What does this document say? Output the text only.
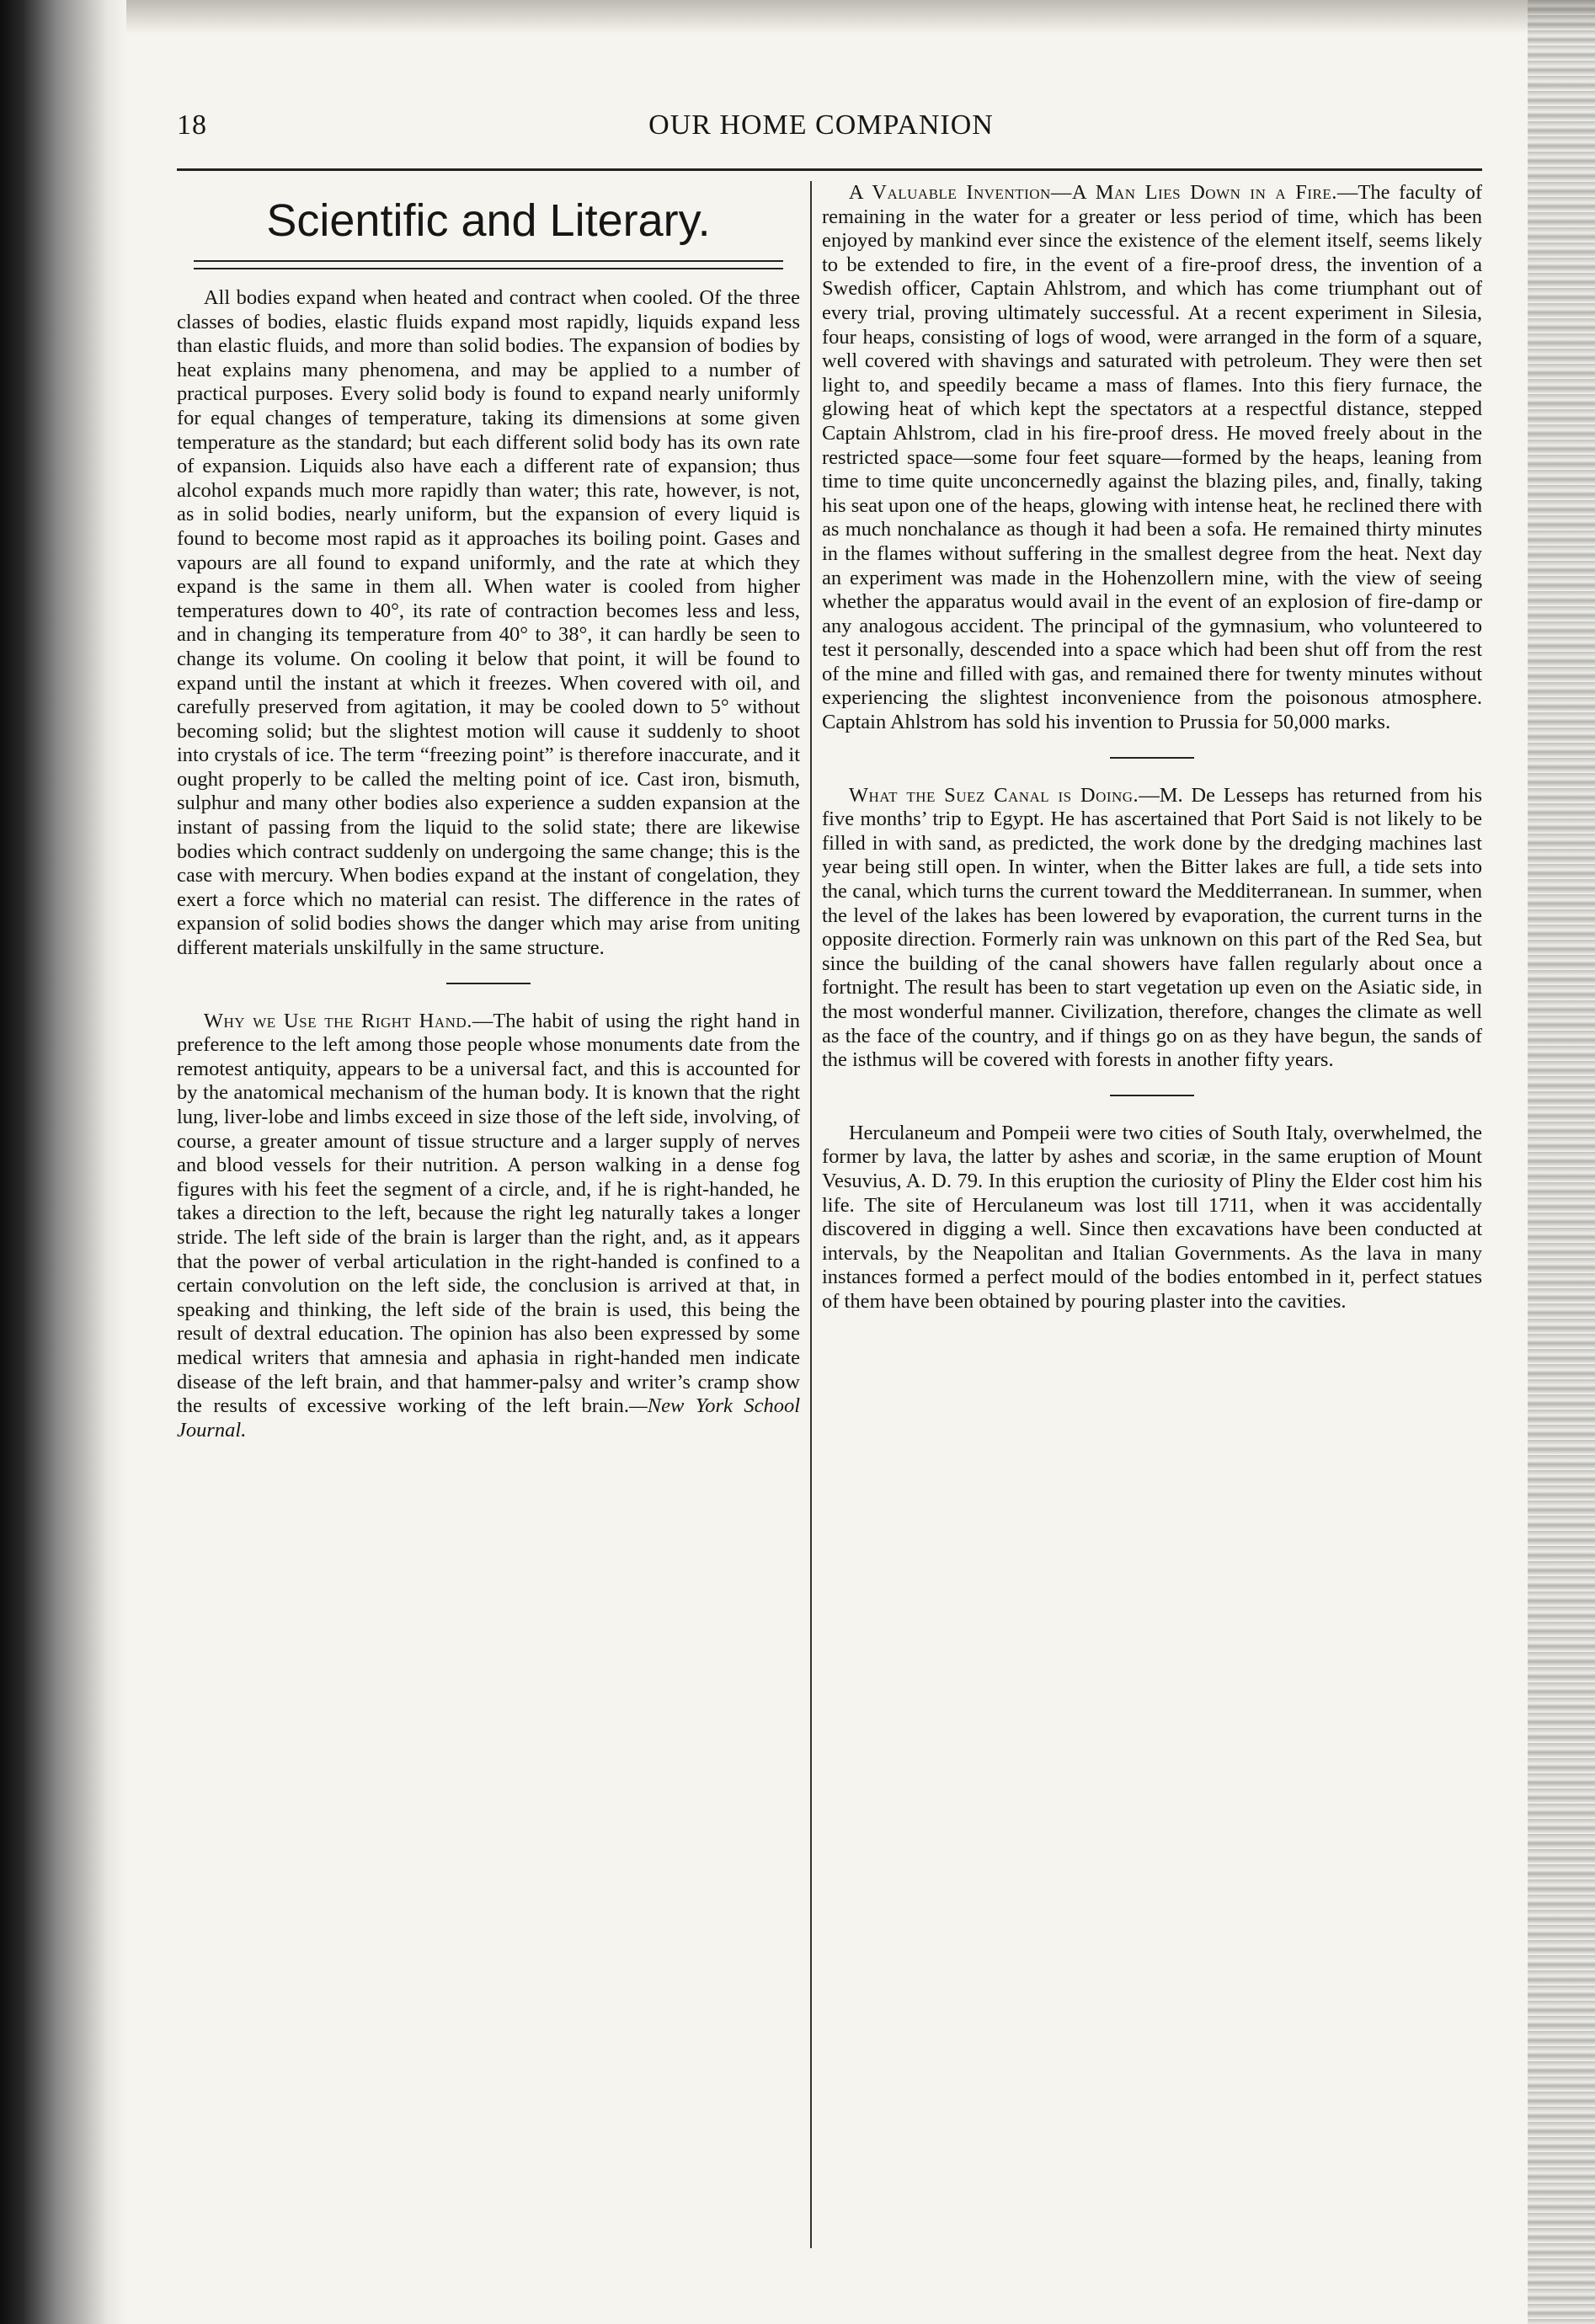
18	OUR HOME COMPANION
Scientific and Literary.

All bodies expand when heated and contract when cooled. Of the three classes of bodies, elastic fluids expand most rapidly, liquids expand less than elastic fluids, and more than solid bodies. The expansion of bodies by heat explains many phenomena, and may be applied to a number of practical purposes. Every solid body is found to expand nearly uniformly for equal changes of temperature, taking its dimensions at some given temperature as the standard; but each different solid body has its own rate of expansion. Liquids also have each a different rate of expansion; thus alcohol expands much more rapidly than water; this rate, however, is not, as in solid bodies, nearly uniform, but the expansion of every liquid is found to become most rapid as it approaches its boiling point. Gases and vapours are all found to expand uniformly, and the rate at which they expand is the same in them all. When water is cooled from higher temperatures down to 40°, its rate of contraction becomes less and less, and in changing its temperature from 40° to 38°, it can hardly be seen to change its volume. On cooling it below that point, it will be found to expand until the instant at which it freezes. When covered with oil, and carefully preserved from agitation, it may be cooled down to 5° without becoming solid; but the slightest motion will cause it suddenly to shoot into crystals of ice. The term “freezing point” is therefore inaccurate, and it ought properly to be called the melting point of ice. Cast iron, bismuth, sulphur and many other bodies also experience a sudden expansion at the instant of passing from the liquid to the solid state; there are likewise bodies which contract suddenly on undergoing the same change; this is the case with mercury. When bodies expand at the instant of congelation, they exert a force which no material can resist. The difference in the rates of expansion of solid bodies shows the danger which may arise from uniting different materials unskilfully in the same structure.

Why we Use the Right Hand.—The habit of using the right hand in preference to the left among those people whose monuments date from the remotest antiquity, appears to be a universal fact, and this is accounted for by the anatomical mechanism of the human body. It is known that the right lung, liver-lobe and limbs exceed in size those of the left side, involving, of course, a greater amount of tissue structure and a larger supply of nerves and blood vessels for their nutrition. A person walking in a dense fog figures with his feet the segment of a circle, and, if he is right-handed, he takes a direction to the left, because the right leg naturally takes a longer stride. The left side of the brain is larger than the right, and, as it appears that the power of verbal articulation in the right-handed is confined to a certain convolution on the left side, the conclusion is arrived at that, in speaking and thinking, the left side of the brain is used, this being the result of dextral education. The opinion has also been expressed by some medical writers that amnesia and aphasia in right-handed men indicate disease of the left brain, and that hammer-palsy and writer’s cramp show the results of excessive working of the left brain.—New York School Journal.

A Valuable Invention—A Man Lies Down in a Fire.—The faculty of remaining in the water for a greater or less period of time, which has been enjoyed by mankind ever since the existence of the element itself, seems likely to be extended to fire, in the event of a fire-proof dress, the invention of a Swedish officer, Captain Ahlstrom, and which has come triumphant out of every trial, proving ultimately successful. At a recent experiment in Silesia, four heaps, consisting of logs of wood, were arranged in the form of a square, well covered with shavings and saturated with petroleum. They were then set light to, and speedily became a mass of flames. Into this fiery furnace, the glowing heat of which kept the spectators at a respectful distance, stepped Captain Ahlstrom, clad in his fire-proof dress. He moved freely about in the restricted space—some four feet square—formed by the heaps, leaning from time to time quite unconcernedly against the blazing piles, and, finally, taking his seat upon one of the heaps, glowing with intense heat, he reclined there with as much nonchalance as though it had been a sofa. He remained thirty minutes in the flames without suffering in the smallest degree from the heat. Next day an experiment was made in the Hohenzollern mine, with the view of seeing whether the apparatus would avail in the event of an explosion of fire-damp or any analogous accident. The principal of the gymnasium, who volunteered to test it personally, descended into a space which had been shut off from the rest of the mine and filled with gas, and remained there for twenty minutes without experiencing the slightest inconvenience from the poisonous atmosphere. Captain Ahlstrom has sold his invention to Prussia for 50,000 marks.

What the Suez Canal is Doing.—M. De Lesseps has returned from his five months’ trip to Egypt. He has ascertained that Port Said is not likely to be filled in with sand, as predicted, the work done by the dredging machines last year being still open. In winter, when the Bitter lakes are full, a tide sets into the canal, which turns the current toward the Medditerranean. In summer, when the level of the lakes has been lowered by evaporation, the current turns in the opposite direction. Formerly rain was unknown on this part of the Red Sea, but since the building of the canal showers have fallen regularly about once a fortnight. The result has been to start vegetation up even on the Asiatic side, in the most wonderful manner. Civilization, therefore, changes the climate as well as the face of the country, and if things go on as they have begun, the sands of the isthmus will be covered with forests in another fifty years.

Herculaneum and Pompeii were two cities of South Italy, overwhelmed, the former by lava, the latter by ashes and scoriæ, in the same eruption of Mount Vesuvius, A. D. 79. In this eruption the curiosity of Pliny the Elder cost him his life. The site of Herculaneum was lost till 1711, when it was accidentally discovered in digging a well. Since then excavations have been conducted at intervals, by the Neapolitan and Italian Governments. As the lava in many instances formed a perfect mould of the bodies entombed in it, perfect statues of them have been obtained by pouring plaster into the cavities.
